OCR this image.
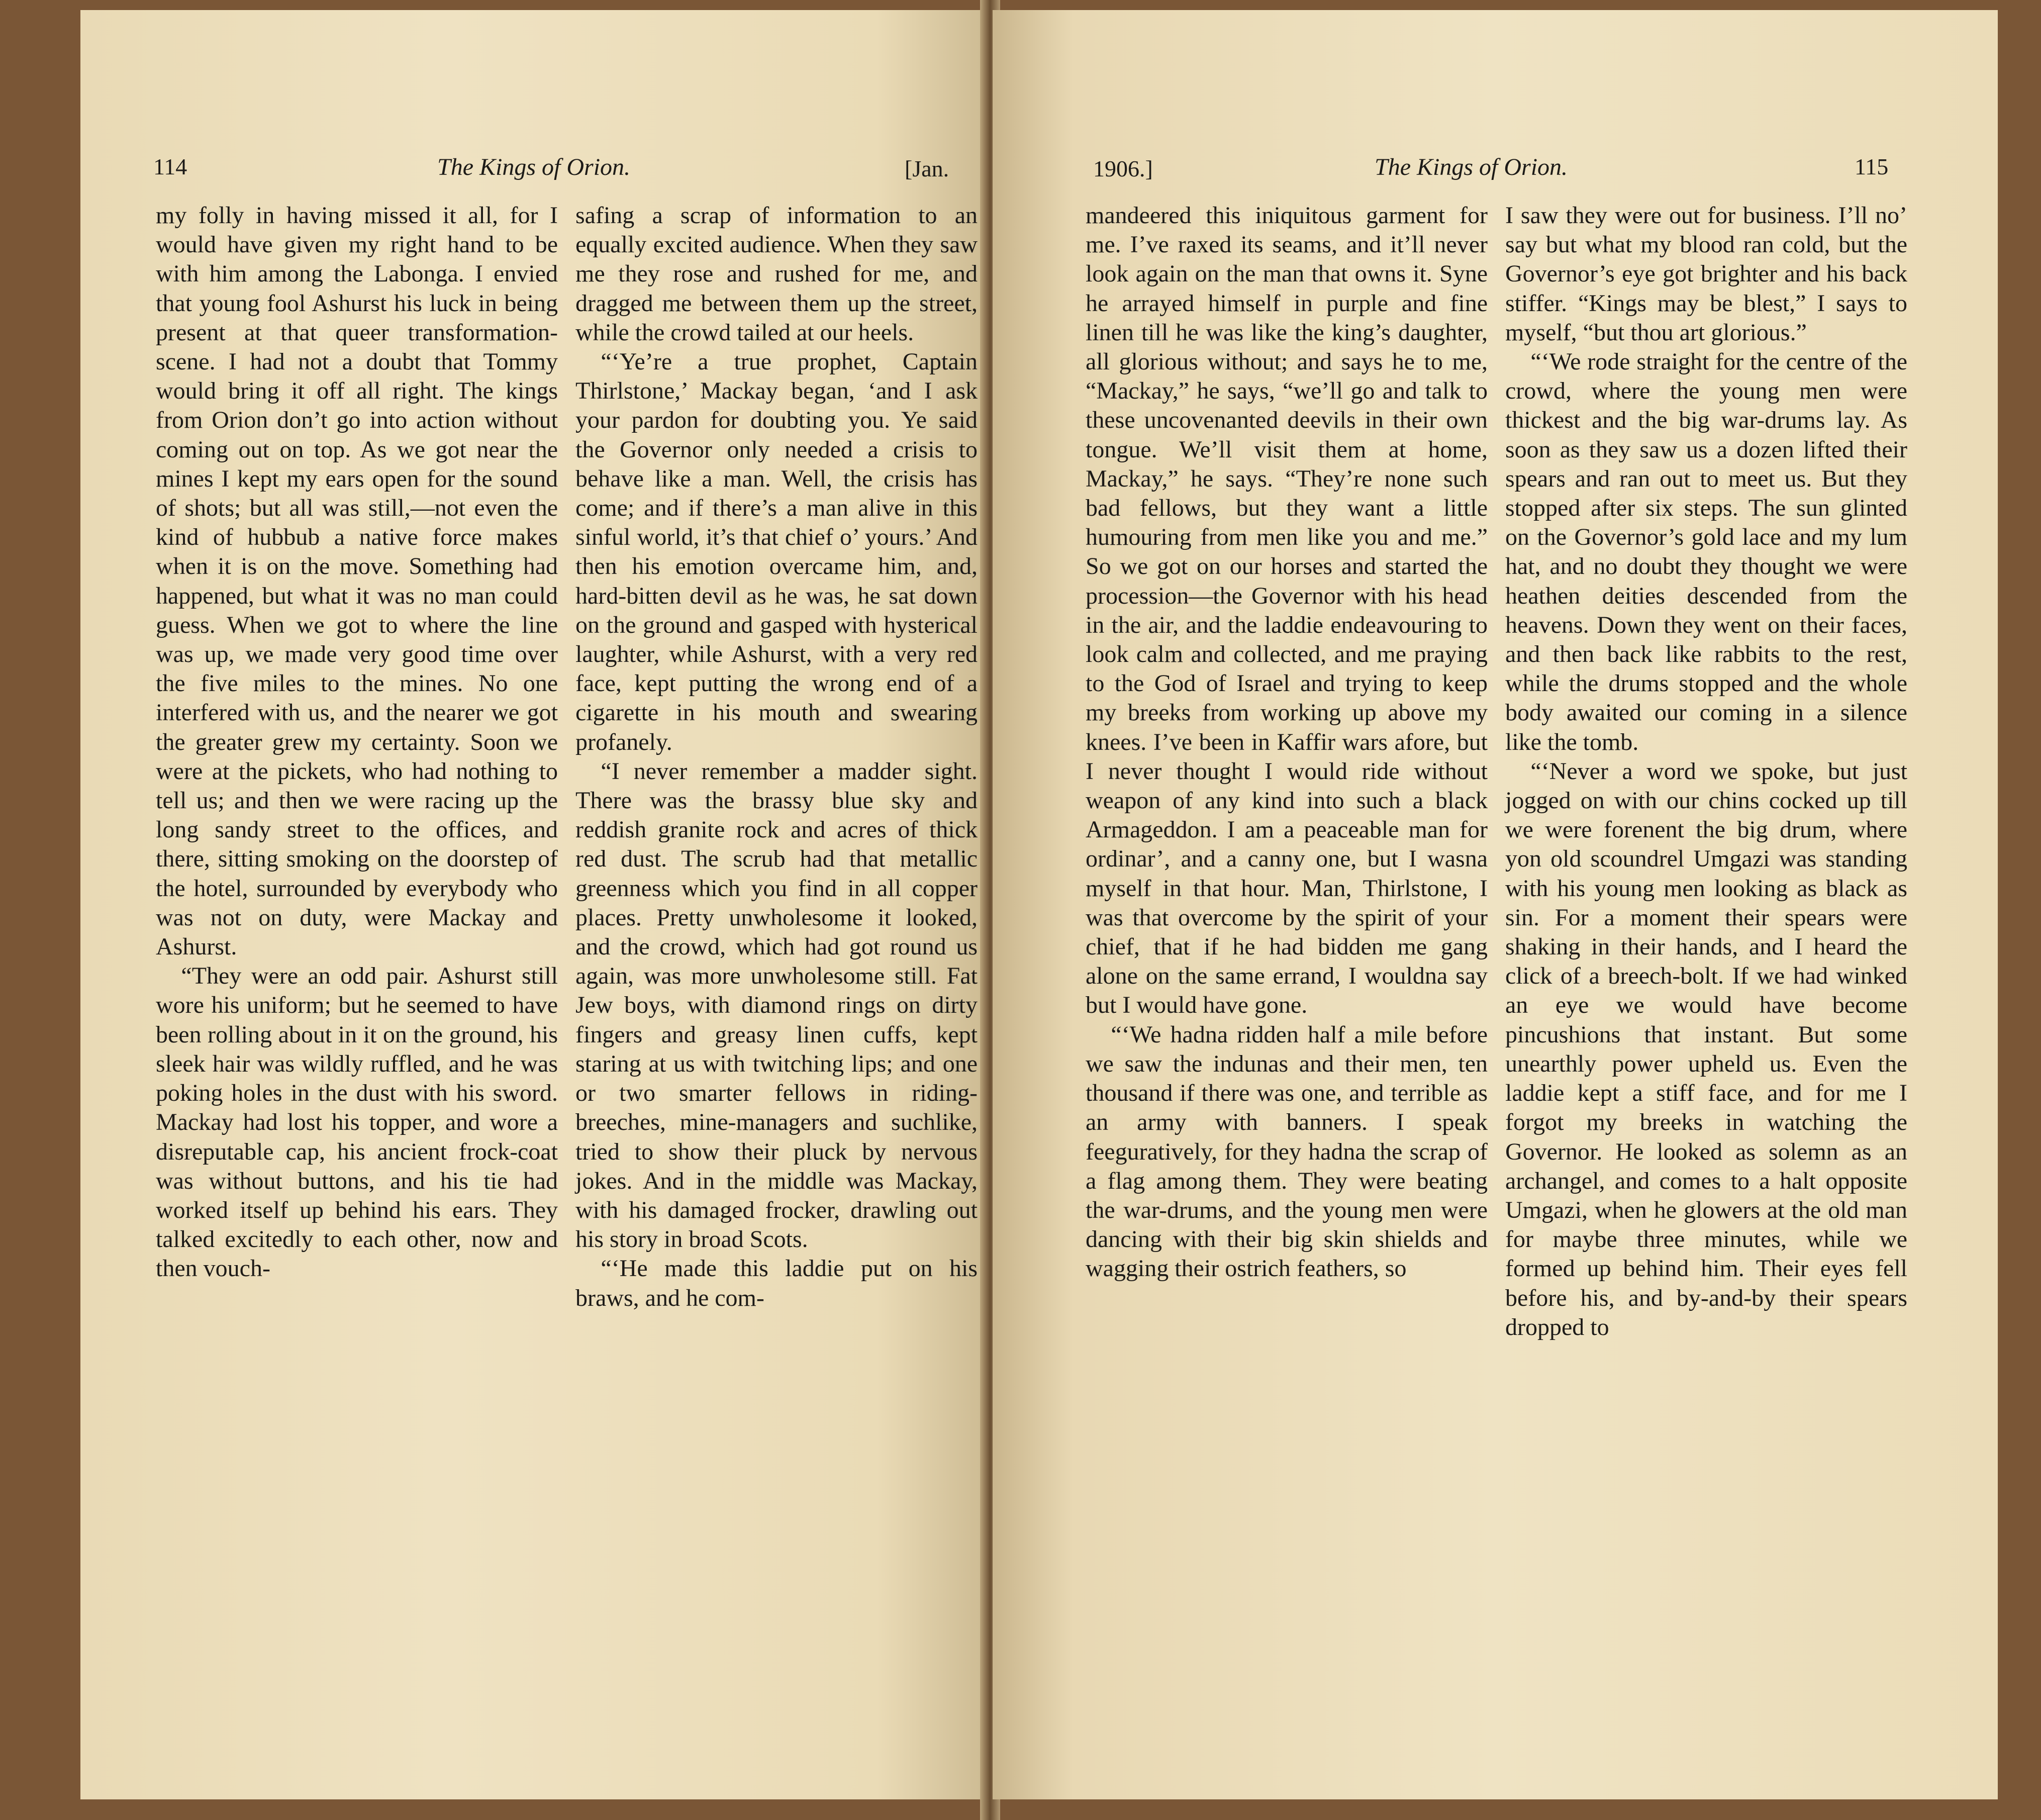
114	The Kings of Orion.	[Jan.

my folly in having missed it all, for I would have given my right hand to be with him among the Labonga. I envied that young fool Ashurst his luck in being present at that queer transformation-scene. I had not a doubt that Tommy would bring it off all right. The kings from Orion don’t go into action without coming out on top. As we got near the mines I kept my ears open for the sound of shots; but all was still,—not even the kind of hubbub a native force makes when it is on the move. Something had happened, but what it was no man could guess. When we got to where the line was up, we made very good time over the five miles to the mines. No one interfered with us, and the nearer we got the greater grew my certainty. Soon we were at the pickets, who had nothing to tell us; and then we were racing up the long sandy street to the offices, and there, sitting smoking on the doorstep of the hotel, surrounded by everybody who was not on duty, were Mackay and Ashurst.

“They were an odd pair. Ashurst still wore his uniform; but he seemed to have been rolling about in it on the ground, his sleek hair was wildly ruffled, and he was poking holes in the dust with his sword. Mackay had lost his topper, and wore a disreputable cap, his ancient frock-coat was without buttons, and his tie had worked itself up behind his ears. They talked excitedly to each other, now and then vouch-

safing a scrap of information to an equally excited audience. When they saw me they rose and rushed for me, and dragged me between them up the street, while the crowd tailed at our heels.

“‘Ye’re a true prophet, Captain Thirlstone,’ Mackay began, ‘and I ask your pardon for doubting you. Ye said the Governor only needed a crisis to behave like a man. Well, the crisis has come; and if there’s a man alive in this sinful world, it’s that chief o’ yours.’ And then his emotion overcame him, and, hard-bitten devil as he was, he sat down on the ground and gasped with hysterical laughter, while Ashurst, with a very red face, kept putting the wrong end of a cigarette in his mouth and swearing profanely.

“I never remember a madder sight. There was the brassy blue sky and reddish granite rock and acres of thick red dust. The scrub had that metallic greenness which you find in all copper places. Pretty unwholesome it looked, and the crowd, which had got round us again, was more unwholesome still. Fat Jew boys, with diamond rings on dirty fingers and greasy linen cuffs, kept staring at us with twitching lips; and one or two smarter fellows in riding-breeches, mine-managers and suchlike, tried to show their pluck by nervous jokes. And in the middle was Mackay, with his damaged frocker, drawling out his story in broad Scots.

“‘He made this laddie put on his braws, and he com-

1906.]	The Kings of Orion.	115

mandeered this iniquitous garment for me. I’ve raxed its seams, and it’ll never look again on the man that owns it. Syne he arrayed himself in purple and fine linen till he was like the king’s daughter, all glorious without; and says he to me, “Mackay,” he says, “we’ll go and talk to these uncovenanted deevils in their own tongue. We’ll visit them at home, Mackay,” he says. “They’re none such bad fellows, but they want a little humouring from men like you and me.” So we got on our horses and started the procession—the Governor with his head in the air, and the laddie endeavouring to look calm and collected, and me praying to the God of Israel and trying to keep my breeks from working up above my knees. I’ve been in Kaffir wars afore, but I never thought I would ride without weapon of any kind into such a black Armageddon. I am a peaceable man for ordinar’, and a canny one, but I wasna myself in that hour. Man, Thirlstone, I was that overcome by the spirit of your chief, that if he had bidden me gang alone on the same errand, I wouldna say but I would have gone.

“‘We hadna ridden half a mile before we saw the indunas and their men, ten thousand if there was one, and terrible as an army with banners. I speak feeguratively, for they hadna the scrap of a flag among them. They were beating the war-drums, and the young men were dancing with their big skin shields and wagging their ostrich feathers, so

I saw they were out for business. I’ll no’ say but what my blood ran cold, but the Governor’s eye got brighter and his back stiffer. “Kings may be blest,” I says to myself, “but thou art glorious.”

“‘We rode straight for the centre of the crowd, where the young men were thickest and the big war-drums lay. As soon as they saw us a dozen lifted their spears and ran out to meet us. But they stopped after six steps. The sun glinted on the Governor’s gold lace and my lum hat, and no doubt they thought we were heathen deities descended from the heavens. Down they went on their faces, and then back like rabbits to the rest, while the drums stopped and the whole body awaited our coming in a silence like the tomb.

“‘Never a word we spoke, but just jogged on with our chins cocked up till we were forenent the big drum, where yon old scoundrel Umgazi was standing with his young men looking as black as sin. For a moment their spears were shaking in their hands, and I heard the click of a breech-bolt. If we had winked an eye we would have become pincushions that instant. But some unearthly power upheld us. Even the laddie kept a stiff face, and for me I forgot my breeks in watching the Governor. He looked as solemn as an archangel, and comes to a halt opposite Umgazi, when he glowers at the old man for maybe three minutes, while we formed up behind him. Their eyes fell before his, and by-and-by their spears dropped to
